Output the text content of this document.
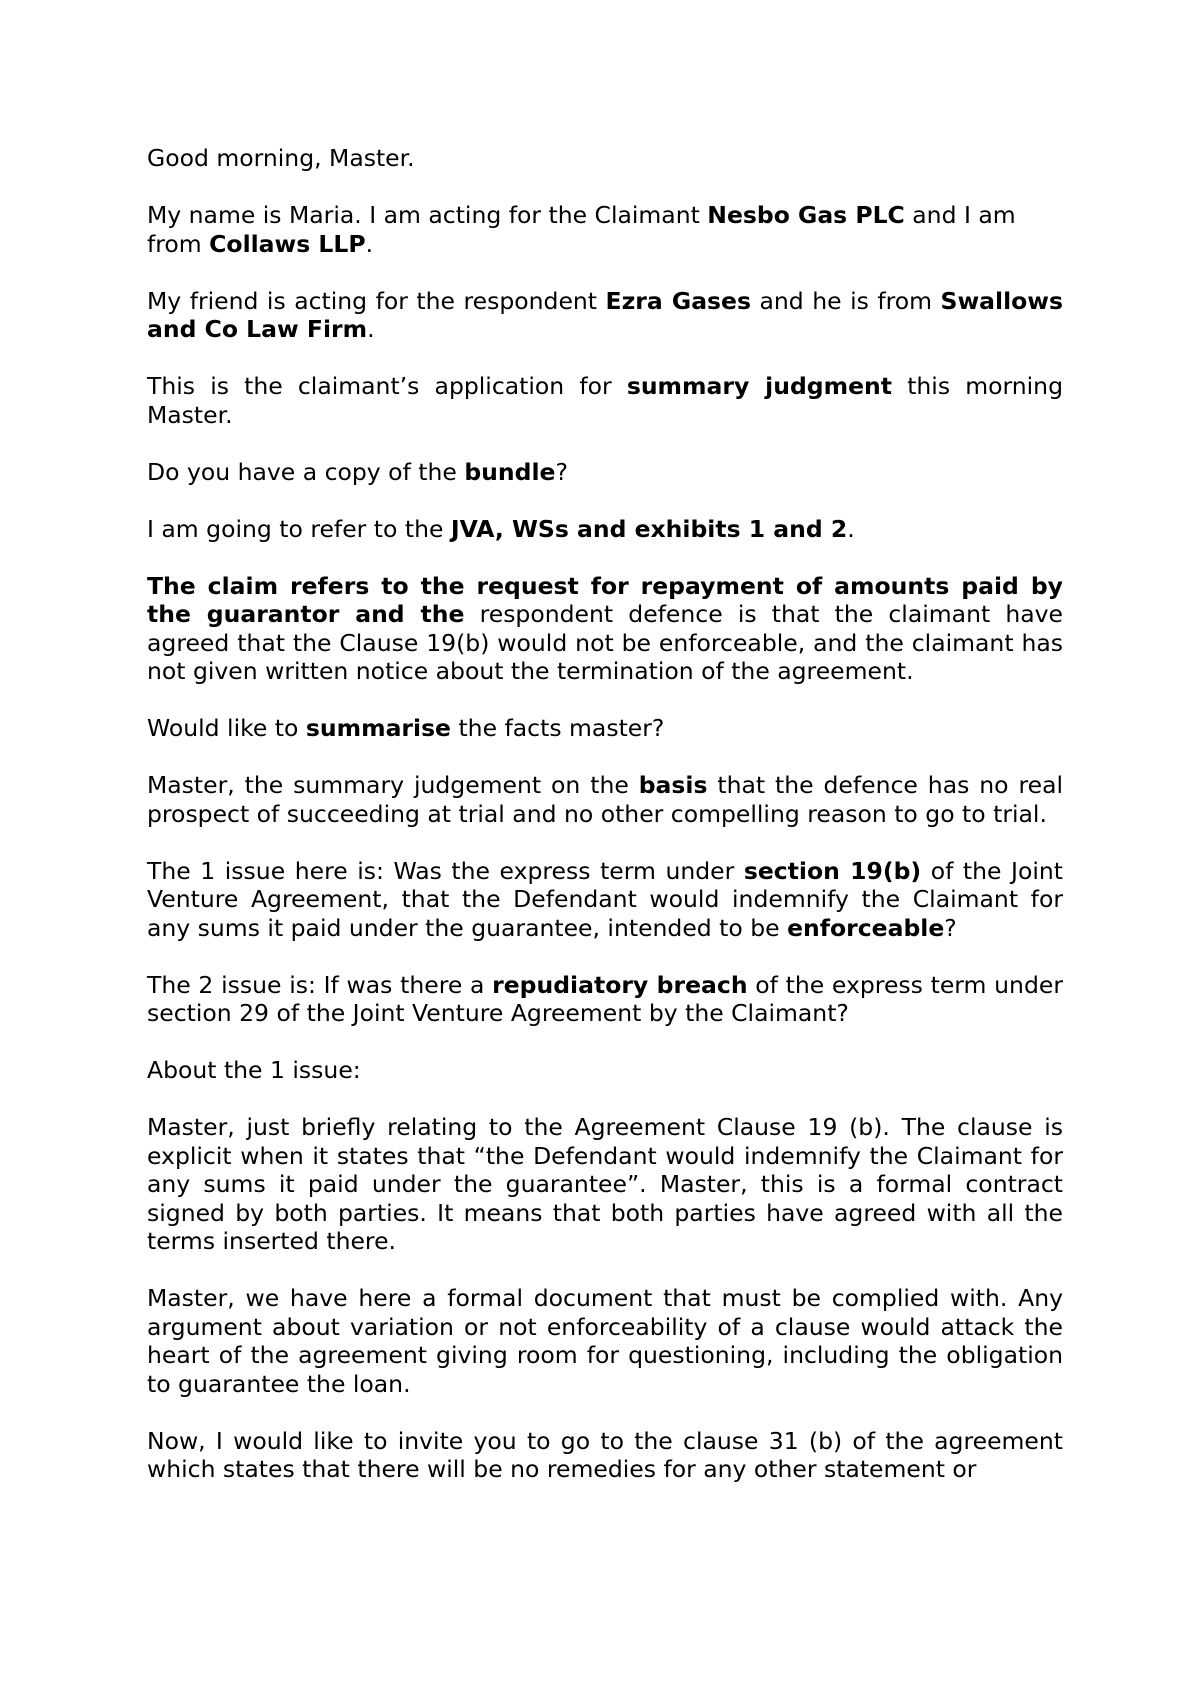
Good morning, Master.

My name is Maria. I am acting for the Claimant Nesbo Gas PLC and I am from Collaws LLP.

My friend is acting for the respondent Ezra Gases and he is from Swallows and Co Law Firm.

This is the claimant’s application for summary judgment this morning Master.

Do you have a copy of the bundle?

I am going to refer to the JVA, WSs and exhibits 1 and 2.

The claim refers to the request for repayment of amounts paid by the guarantor and the respondent defence is that the claimant have agreed that the Clause 19(b) would not be enforceable, and the claimant has not given written notice about the termination of the agreement.

Would like to summarise the facts master?

Master, the summary judgement on the basis that the defence has no real prospect of succeeding at trial and no other compelling reason to go to trial.

The 1 issue here is: Was the express term under section 19(b) of the Joint Venture Agreement, that the Defendant would indemnify the Claimant for any sums it paid under the guarantee, intended to be enforceable?

The 2 issue is: If was there a repudiatory breach of the express term under section 29 of the Joint Venture Agreement by the Claimant?

About the 1 issue:

Master, just briefly relating to the Agreement Clause 19 (b). The clause is explicit when it states that “the Defendant would indemnify the Claimant for any sums it paid under the guarantee”. Master, this is a formal contract signed by both parties. It means that both parties have agreed with all the terms inserted there.

Master, we have here a formal document that must be complied with. Any argument about variation or not enforceability of a clause would attack the heart of the agreement giving room for questioning, including the obligation to guarantee the loan.

Now, I would like to invite you to go to the clause 31 (b) of the agreement which states that there will be no remedies for any other statement or
